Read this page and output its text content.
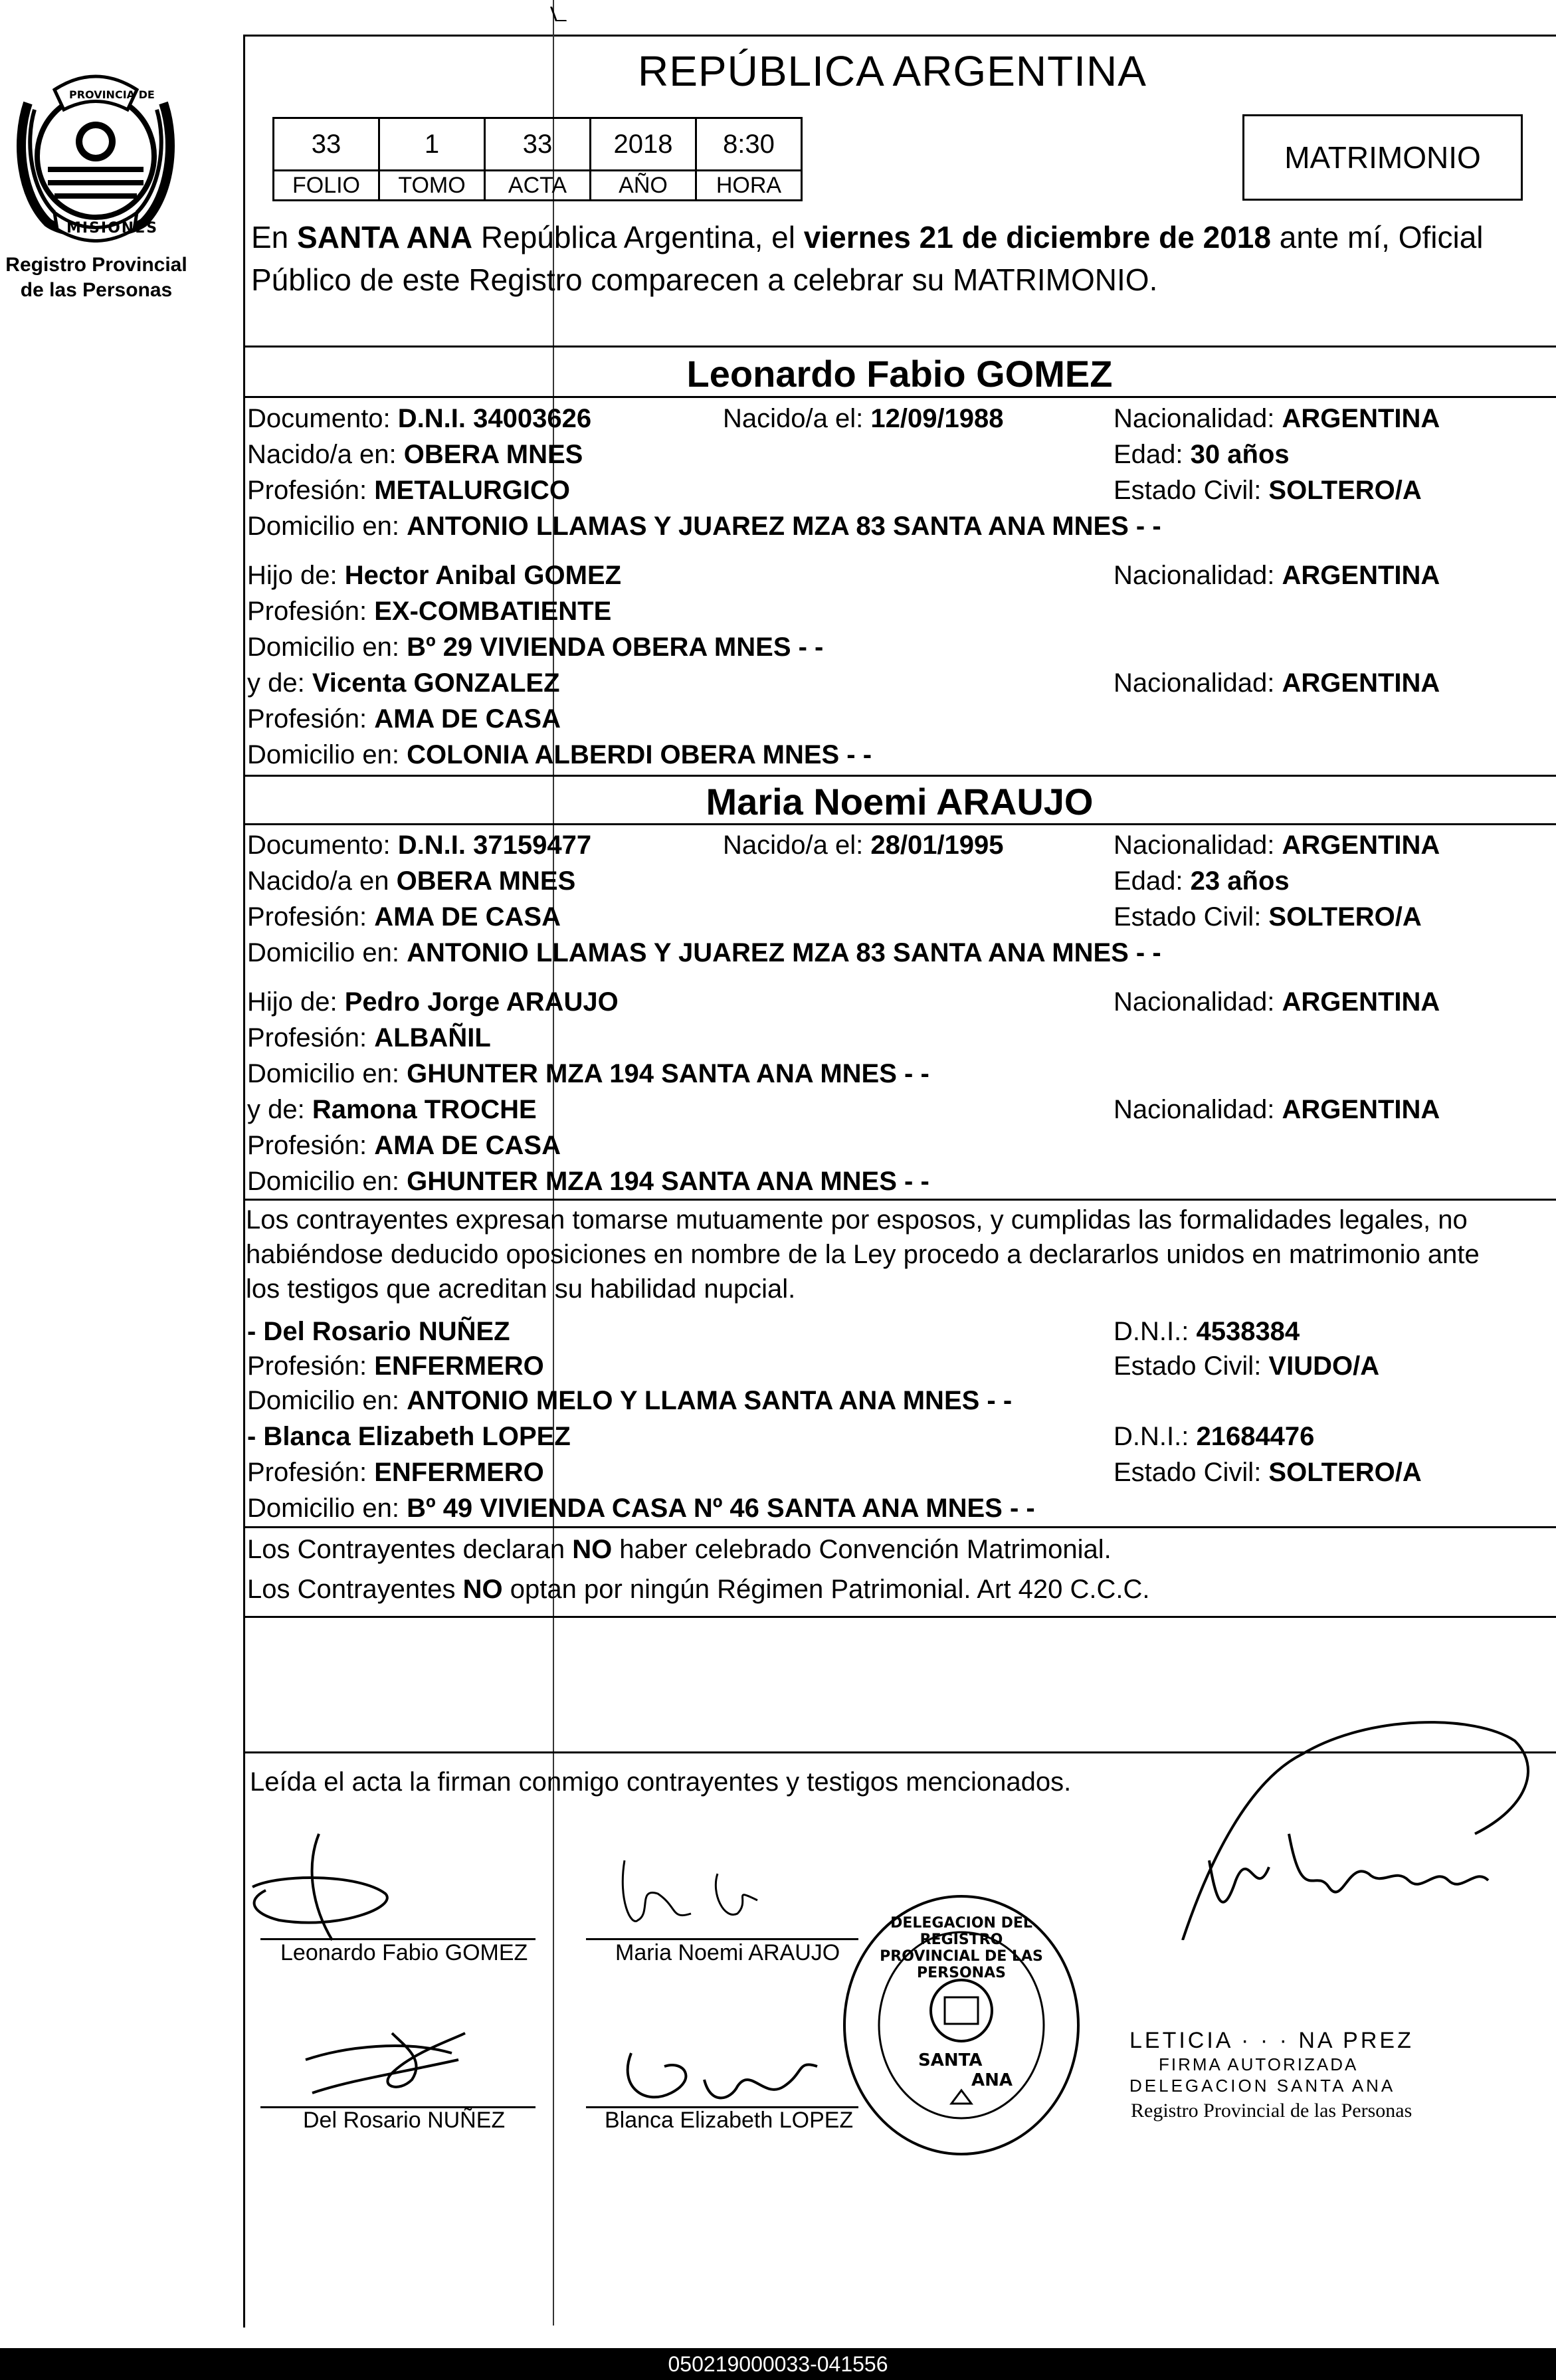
PROVINCIA DE
MISIONES
Registro Provincial
de las Personas
REPÚBLICA ARGENTINA
33	1	33	2018	8:30
FOLIO	TOMO	ACTA	AÑO	HORA
MATRIMONIO
En SANTA ANA República Argentina, el viernes 21 de diciembre de 2018 ante mí, Oficial
Público de este Registro comparecen a celebrar su MATRIMONIO.
Leonardo Fabio GOMEZ
Documento: D.N.I. 34003626	Nacido/a el: 12/09/1988	Nacionalidad: ARGENTINA
Nacido/a en: OBERA MNES	Edad: 30 años
Profesión: METALURGICO	Estado Civil: SOLTERO/A
Domicilio en: ANTONIO LLAMAS Y JUAREZ MZA 83 SANTA ANA MNES - -
Hijo de: Hector Anibal GOMEZ	Nacionalidad: ARGENTINA
Profesión: EX-COMBATIENTE
Domicilio en: Bº 29 VIVIENDA OBERA MNES - -
y de: Vicenta GONZALEZ	Nacionalidad: ARGENTINA
Profesión: AMA DE CASA
Domicilio en: COLONIA ALBERDI OBERA MNES - -
Maria Noemi ARAUJO
Documento: D.N.I. 37159477	Nacido/a el: 28/01/1995	Nacionalidad: ARGENTINA
Nacido/a en OBERA MNES	Edad: 23 años
Profesión: AMA DE CASA	Estado Civil: SOLTERO/A
Domicilio en: ANTONIO LLAMAS Y JUAREZ MZA 83 SANTA ANA MNES - -
Hijo de: Pedro Jorge ARAUJO	Nacionalidad: ARGENTINA
Profesión: ALBAÑIL
Domicilio en: GHUNTER MZA 194 SANTA ANA MNES - -
y de: Ramona TROCHE	Nacionalidad: ARGENTINA
Profesión: AMA DE CASA
Domicilio en: GHUNTER MZA 194 SANTA ANA MNES - -
Los contrayentes expresan tomarse mutuamente por esposos, y cumplidas las formalidades legales, no
habiéndose deducido oposiciones en nombre de la Ley procedo a declararlos unidos en matrimonio ante
los testigos que acreditan su habilidad nupcial.
- Del Rosario NUÑEZ	D.N.I.: 4538384
Profesión: ENFERMERO	Estado Civil: VIUDO/A
Domicilio en: ANTONIO MELO Y LLAMA SANTA ANA MNES - -
- Blanca Elizabeth LOPEZ	D.N.I.: 21684476
Profesión: ENFERMERO	Estado Civil: SOLTERO/A
Domicilio en: Bº 49 VIVIENDA CASA Nº 46 SANTA ANA MNES - -
Los Contrayentes declaran NO haber celebrado Convención Matrimonial.
Los Contrayentes NO optan por ningún Régimen Patrimonial. Art 420 C.C.C.
Leída el acta la firman conmigo contrayentes y testigos mencionados.
Leonardo Fabio GOMEZ	Maria Noemi ARAUJO
Del Rosario NUÑEZ	Blanca Elizabeth LOPEZ
DELEGACION DEL REGISTRO PROVINCIAL DE LAS PERSONAS
SANTA
ANA
LETICIA · · · NA PREZ
FIRMA AUTORIZADA
DELEGACION SANTA ANA
Registro Provincial de las Personas
050219000033-041556
